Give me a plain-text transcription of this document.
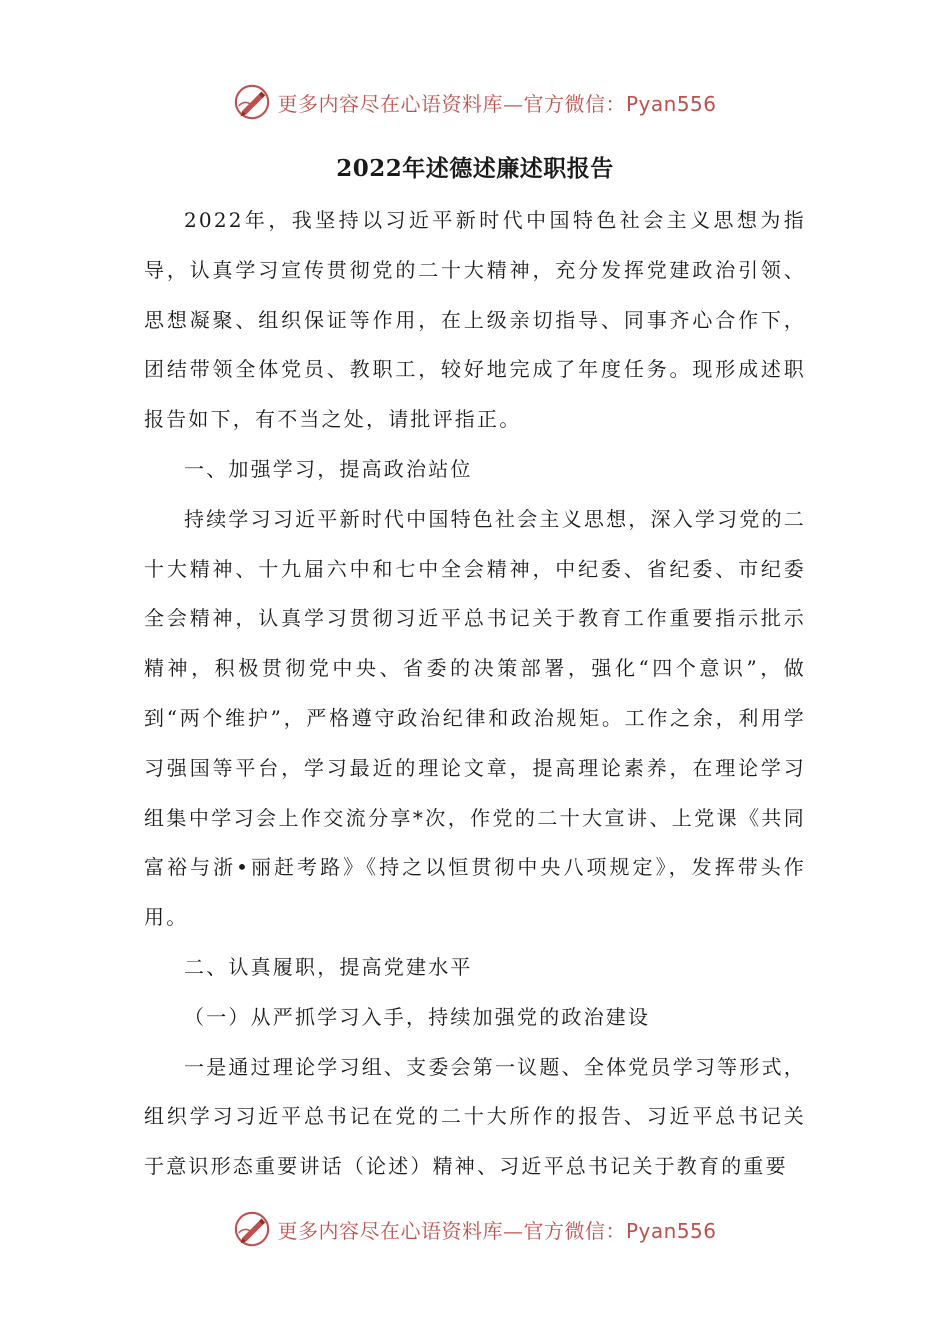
更多内容尽在心语资料库—官方微信：Pyan556
2022年述德述廉述职报告

2022年，我坚持以习近平新时代中国特色社会主义思想为指导，认真学习宣传贯彻党的二十大精神，充分发挥党建政治引领、思想凝聚、组织保证等作用，在上级亲切指导、同事齐心合作下，团结带领全体党员、教职工，较好地完成了年度任务。现形成述职报告如下，有不当之处，请批评指正。

一、加强学习，提高政治站位

持续学习习近平新时代中国特色社会主义思想，深入学习党的二十大精神、十九届六中和七中全会精神，中纪委、省纪委、市纪委全会精神，认真学习贯彻习近平总书记关于教育工作重要指示批示精神，积极贯彻党中央、省委的决策部署，强化“四个意识”，做到“两个维护”，严格遵守政治纪律和政治规矩。工作之余，利用学习强国等平台，学习最近的理论文章，提高理论素养，在理论学习组集中学习会上作交流分享*次，作党的二十大宣讲、上党课《共同富裕与浙•丽赶考路》《持之以恒贯彻中央八项规定》，发挥带头作用。

二、认真履职，提高党建水平

（一）从严抓学习入手，持续加强党的政治建设

一是通过理论学习组、支委会第一议题、全体党员学习等形式，组织学习习近平总书记在党的二十大所作的报告、习近平总书记关于意识形态重要讲话（论述）精神、习近平总书记关于教育的重要

更多内容尽在心语资料库—官方微信：Pyan556
